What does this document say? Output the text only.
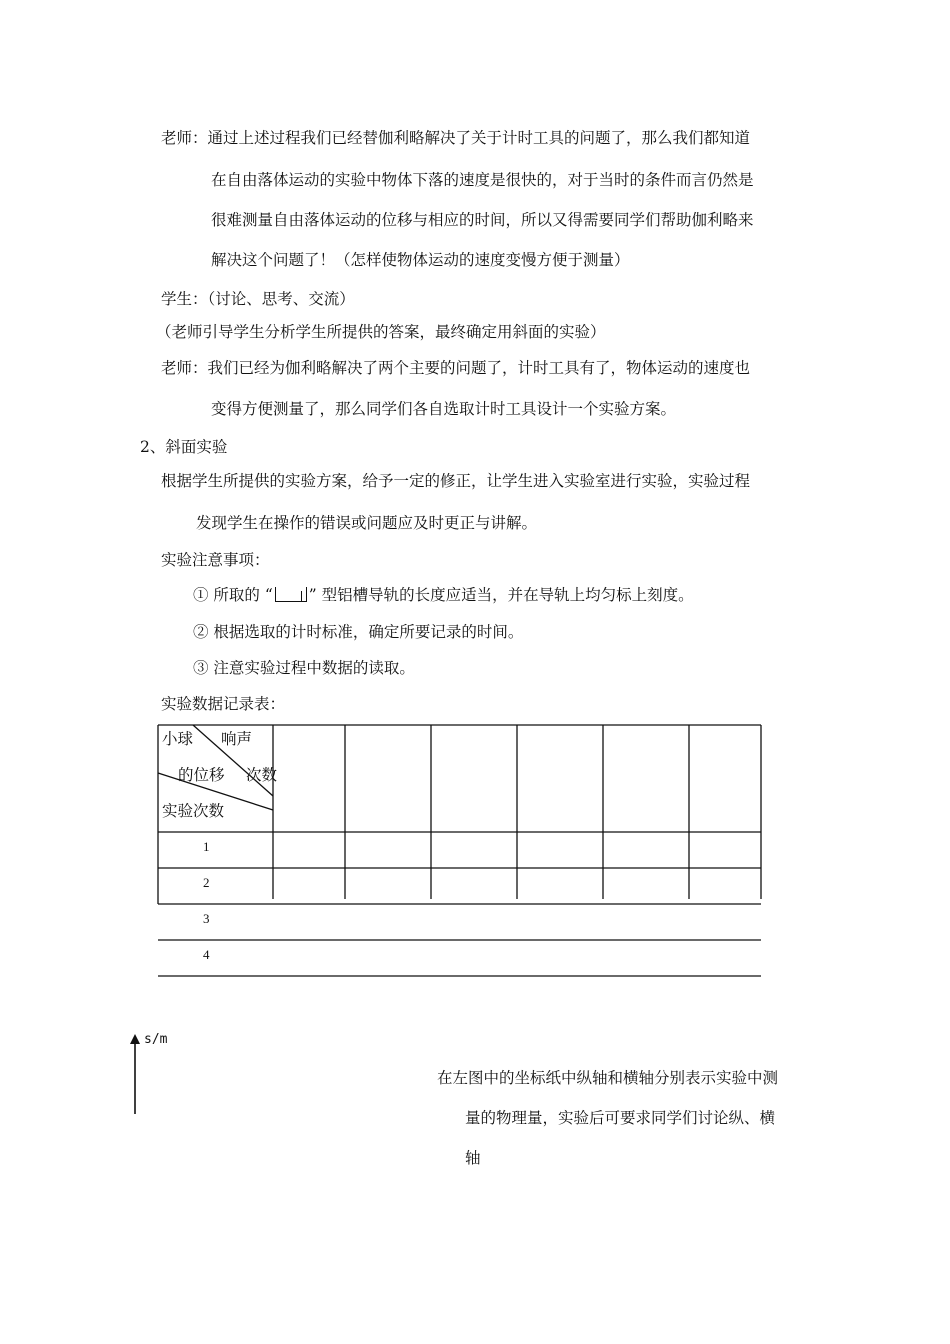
老师：通过上述过程我们已经替伽利略解决了关于计时工具的问题了，那么我们都知道
在自由落体运动的实验中物体下落的速度是很快的，对于当时的条件而言仍然是
很难测量自由落体运动的位移与相应的时间，所以又得需要同学们帮助伽利略来
解决这个问题了！（怎样使物体运动的速度变慢方便于测量）
学生：（讨论、思考、交流）
（老师引导学生分析学生所提供的答案，最终确定用斜面的实验）
老师：我们已经为伽利略解决了两个主要的问题了，计时工具有了，物体运动的速度也
变得方便测量了，那么同学们各自选取计时工具设计一个实验方案。
2、斜面实验
根据学生所提供的实验方案，给予一定的修正，让学生进入实验室进行实验，实验过程
发现学生在操作的错误或问题应及时更正与讲解。
实验注意事项：
① 所取的 “ ” 型铝槽导轨的长度应适当，并在导轨上均匀标上刻度。
② 根据选取的计时标准，确定所要记录的时间。
③ 注意实验过程中数据的读取。
实验数据记录表：
小球 响声
的位移 次数
实验次数
1
2
3
4
s/m
在左图中的坐标纸中纵轴和横轴分别表示实验中测
量的物理量，实验后可要求同学们讨论纵、横
轴
